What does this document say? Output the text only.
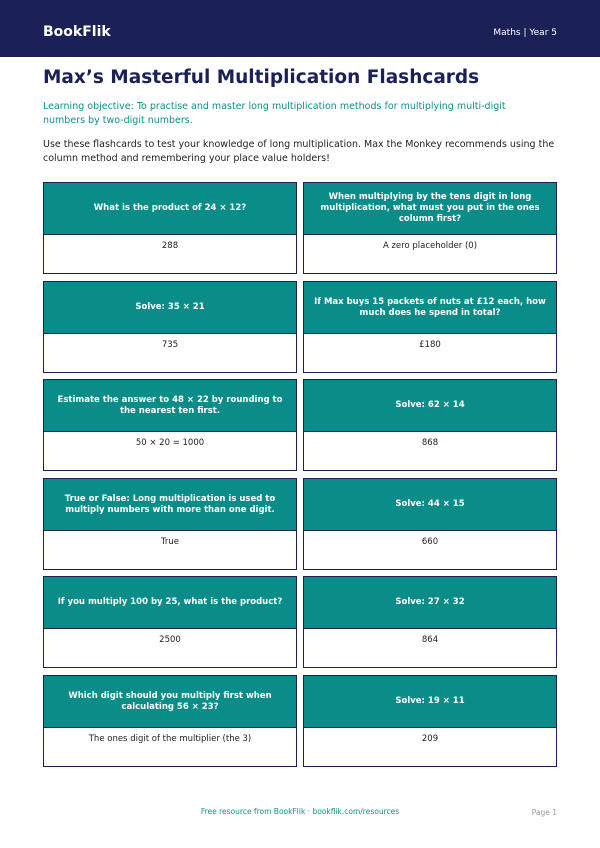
BookFlik	Maths | Year 5
Max’s Masterful Multiplication Flashcards
Learning objective: To practise and master long multiplication methods for multiplying multi-digit numbers by two-digit numbers.
Use these flashcards to test your knowledge of long multiplication. Max the Monkey recommends using the column method and remembering your place value holders!
What is the product of 24 × 12?
288
When multiplying by the tens digit in long multiplication, what must you put in the ones column first?
A zero placeholder (0)
Solve: 35 × 21
735
If Max buys 15 packets of nuts at £12 each, how much does he spend in total?
£180
Estimate the answer to 48 × 22 by rounding to the nearest ten first.
50 × 20 = 1000
Solve: 62 × 14
868
True or False: Long multiplication is used to multiply numbers with more than one digit.
True
Solve: 44 × 15
660
If you multiply 100 by 25, what is the product?
2500
Solve: 27 × 32
864
Which digit should you multiply first when calculating 56 × 23?
The ones digit of the multiplier (the 3)
Solve: 19 × 11
209
Free resource from BookFlik · bookflik.com/resources	Page 1
